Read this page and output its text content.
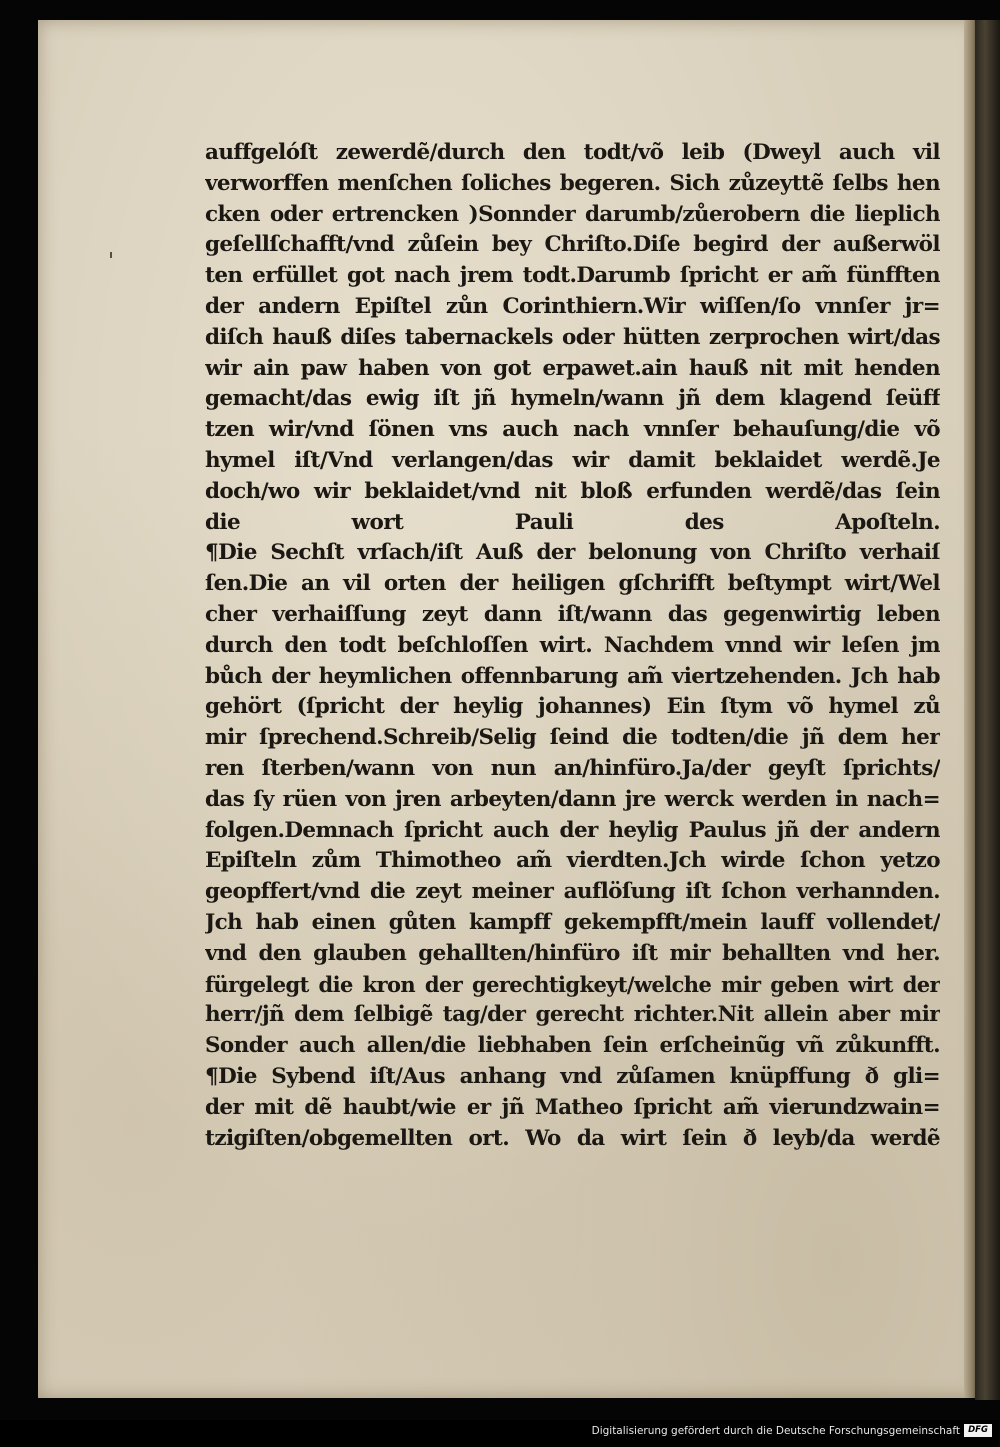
auffgelóſt zewerdẽ/durch den todt/võ leib (Dweyl auch vil
verworffen menſchen ſoliches begeren. Sich zůzeyttẽ ſelbs hen
cken oder ertrencken )Sonnder darumb/zůerobern die lieplich
geſellſchafft/vnd zůſein bey Chriſto.Diſe begird der außerwöl
ten erfüllet got nach jrem todt.Darumb ſpricht er am̃ fünfften
der andern Epiſtel zůn Corinthiern.Wir wiſſen/ſo vnnſer jr=
diſch hauß diſes tabernackels oder hütten zerprochen wirt/das
wir ain paw haben von got erpawet.ain hauß nit mit henden
gemacht/das ewig iſt jñ hymeln/wann jñ dem klagend ſeüff
tzen wir/vnd ſönen vns auch nach vnnſer behauſung/die võ
hymel iſt/Vnd verlangen/das wir damit beklaidet werdẽ.Je
doch/wo wir beklaidet/vnd nit bloß erfunden werdẽ/das ſein
die wort Pauli des Apoſteln.
¶Die Sechſt vrſach/iſt Auß der belonung von Chriſto verhaiſ
ſen.Die an vil orten der heiligen gſchrifft beſtympt wirt/Wel
cher verhaiſſung zeyt dann iſt/wann das gegenwirtig leben
durch den todt beſchloſſen wirt. Nachdem vnnd wir leſen jm
bůch der heymlichen offennbarung am̃ viertzehenden. Jch hab
gehört (ſpricht der heylig johannes) Ein ſtym võ hymel zů
mir ſprechend.Schreib/Selig ſeind die todten/die jñ dem her
ren ſterben/wann von nun an/hinfüro.Ja/der geyſt ſprichts/
das ſy rüen von jren arbeyten/dann jre werck werden in nach=
folgen.Demnach ſpricht auch der heylig Paulus jñ der andern
Epiſteln zům Thimotheo am̃ vierdten.Jch wirde ſchon yetzo
geopffert/vnd die zeyt meiner auflöſung iſt ſchon verhannden.
Jch hab einen gůten kampff gekempfft/mein lauff vollendet/
vnd den glauben gehallten/hinfüro iſt mir behallten vnd her.
fürgelegt die kron der gerechtigkeyt/welche mir geben wirt der
herr/jñ dem ſelbigẽ tag/der gerecht richter.Nit allein aber mir
Sonder auch allen/die liebhaben ſein erſcheinũg vñ zůkunfft.
¶Die Sybend iſt/Aus anhang vnd zůſamen knüpffung ð gli=
der mit dẽ haubt/wie er jñ Matheo ſpricht am̃ vierundzwain=
tzigiſten/obgemellten ort. Wo da wirt ſein ð leyb/da werdẽ
Digitalisierung gefördert durch die Deutsche Forschungsgemeinschaft DFG
